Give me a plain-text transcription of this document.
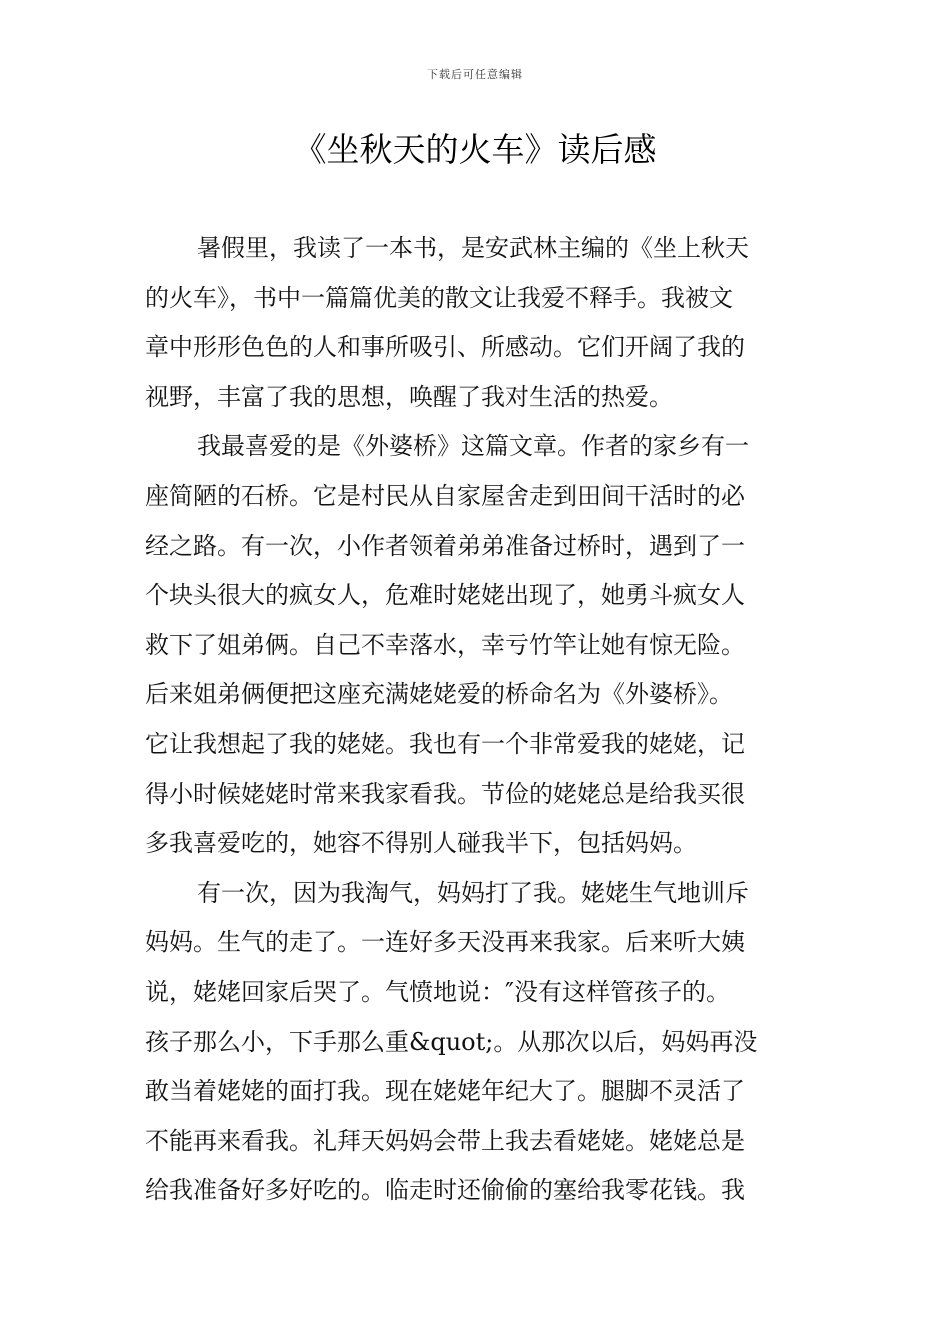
下载后可任意编辑
《坐秋天的火车》读后感
暑假里，我读了一本书，是安武林主编的《坐上秋天
的火车》，书中一篇篇优美的散文让我爱不释手。我被文
章中形形色色的人和事所吸引、所感动。它们开阔了我的
视野，丰富了我的思想，唤醒了我对生活的热爱。
我最喜爱的是《外婆桥》这篇文章。作者的家乡有一
座简陋的石桥。它是村民从自家屋舍走到田间干活时的必
经之路。有一次，小作者领着弟弟准备过桥时，遇到了一
个块头很大的疯女人，危难时姥姥出现了，她勇斗疯女人
救下了姐弟俩。自己不幸落水，幸亏竹竿让她有惊无险。
后来姐弟俩便把这座充满姥姥爱的桥命名为《外婆桥》。
它让我想起了我的姥姥。我也有一个非常爱我的姥姥，记
得小时候姥姥时常来我家看我。节俭的姥姥总是给我买很
多我喜爱吃的，她容不得别人碰我半下，包括妈妈。
有一次，因为我淘气，妈妈打了我。姥姥生气地训斥
妈妈。生气的走了。一连好多天没再来我家。后来听大姨
说，姥姥回家后哭了。气愤地说：″没有这样管孩子的。
孩子那么小，下手那么重&quot;。从那次以后，妈妈再没
敢当着姥姥的面打我。现在姥姥年纪大了。腿脚不灵活了
不能再来看我。礼拜天妈妈会带上我去看姥姥。姥姥总是
给我准备好多好吃的。临走时还偷偷的塞给我零花钱。我
